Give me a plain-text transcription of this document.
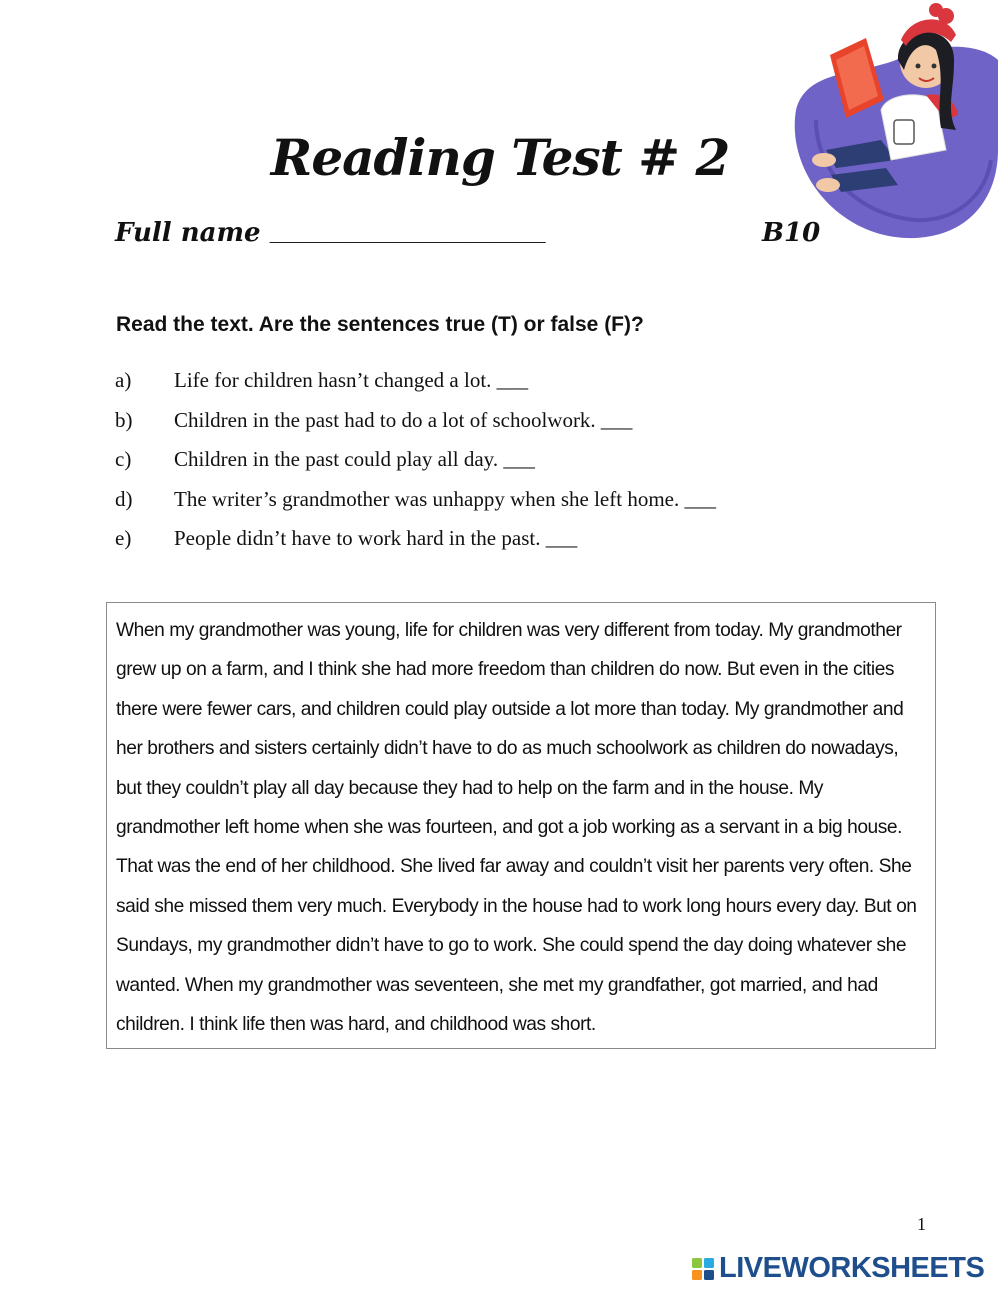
Reading Test # 2
Full name _______________________	B10
Read the text. Are the sentences true (T) or false (F)?
a)	Life for children hasn’t changed a lot. ___
b)	Children in the past had to do a lot of schoolwork. ___
c)	Children in the past could play all day. ___
d)	The writer’s grandmother was unhappy when she left home. ___
e)	People didn’t have to work hard in the past. ___
When my grandmother was young, life for children was very different from today. My grandmother grew up on a farm, and I think she had more freedom than children do now. But even in the cities there were fewer cars, and children could play outside a lot more than today. My grandmother and her brothers and sisters certainly didn’t have to do as much schoolwork as children do nowadays, but they couldn’t play all day because they had to help on the farm and in the house. My grandmother left home when she was fourteen, and got a job working as a servant in a big house. That was the end of her childhood. She lived far away and couldn’t visit her parents very often. She said she missed them very much. Everybody in the house had to work long hours every day. But on Sundays, my grandmother didn’t have to go to work. She could spend the day doing whatever she wanted. When my grandmother was seventeen, she met my grandfather, got married, and had children. I think life then was hard, and childhood was short.
1
LIVEWORKSHEETS
